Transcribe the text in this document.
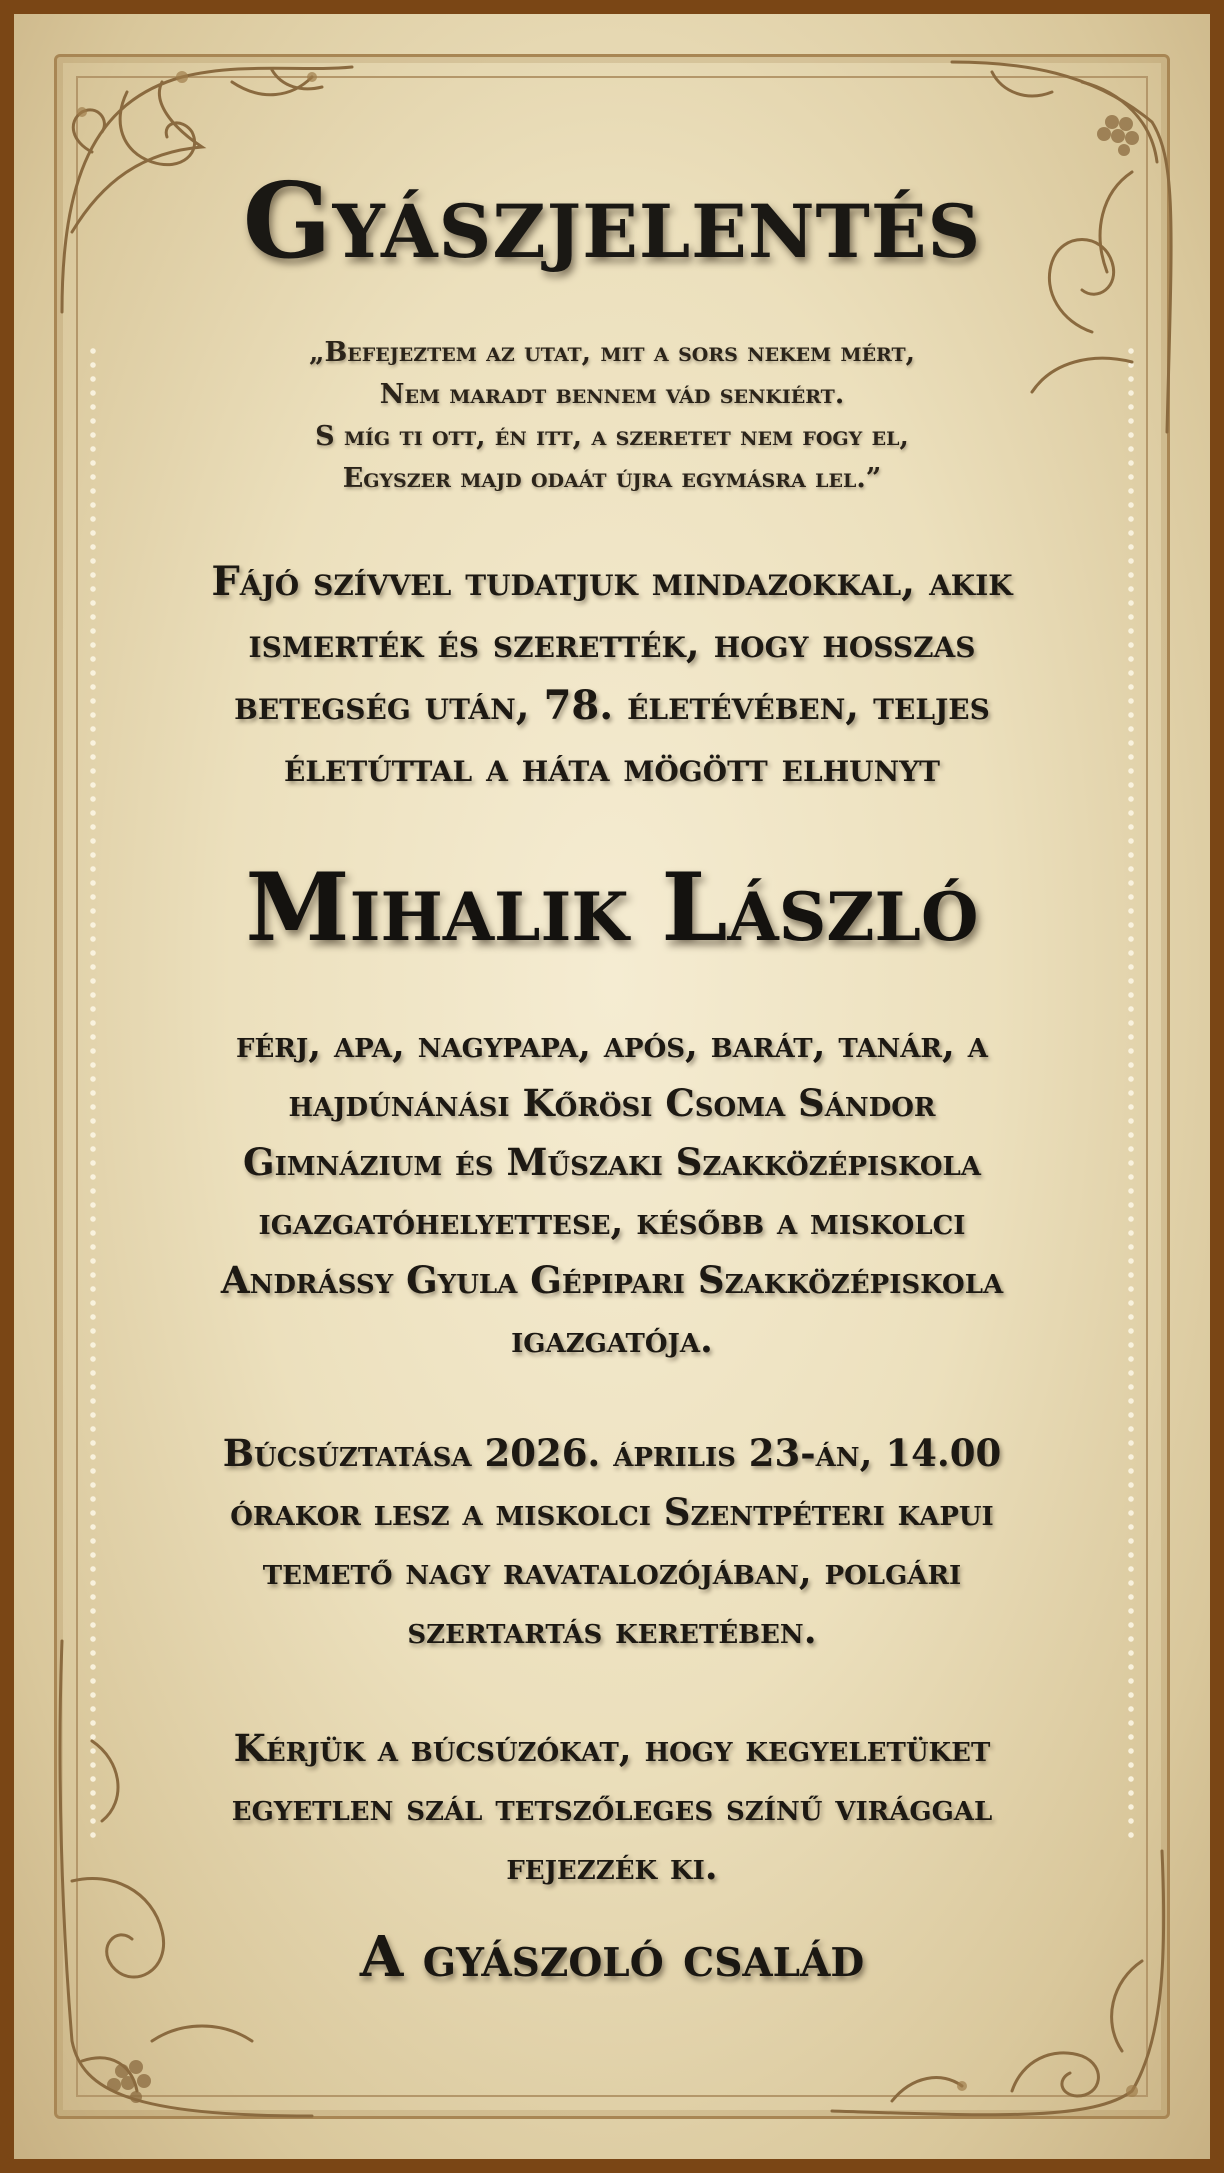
Gyászjelentés
„Befejeztem az utat, mit a sors nekem mért,
Nem maradt bennem vád senkiért.
S míg ti ott, én itt, a szeretet nem fogy el,
Egyszer majd odaát újra egymásra lel.”
Fájó szívvel tudatjuk mindazokkal, akik
ismerték és szerették, hogy hosszas
betegség után, 78. életévében, teljes
életúttal a háta mögött elhunyt
Mihalik László
férj, apa, nagypapa, após, barát, tanár, a
hajdúnánási Kőrösi Csoma Sándor
Gimnázium és Műszaki Szakközépiskola
igazgatóhelyettese, később a miskolci
Andrássy Gyula Gépipari Szakközépiskola
igazgatója.
Búcsúztatása 2026. április 23-án, 14.00
órakor lesz a miskolci Szentpéteri kapui
temető nagy ravatalozójában, polgári
szertartás keretében.
Kérjük a búcsúzókat, hogy kegyeletüket
egyetlen szál tetszőleges színű virággal
fejezzék ki.
A gyászoló család
